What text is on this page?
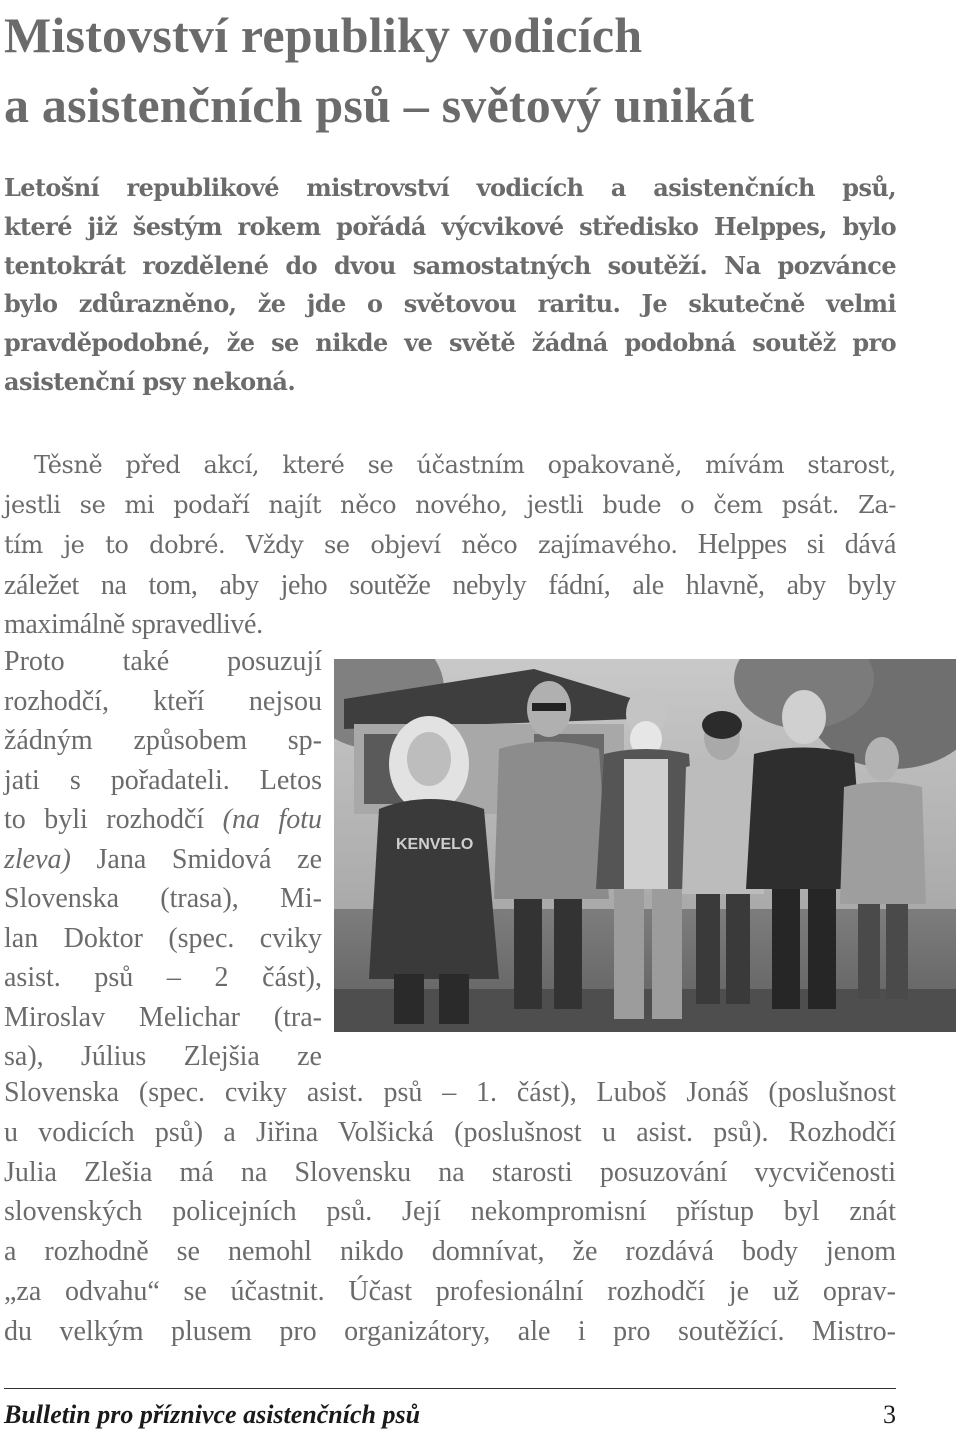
Mistovství republiky vodicích
a asistenčních psů – světový unikát

Letošní republikové mistrovství vodicích a asistenčních psů,
které již šestým rokem pořádá výcvikové středisko Helppes, bylo
tentokrát rozdělené do dvou samostatných soutěží. Na pozvánce
bylo zdůrazněno, že jde o světovou raritu. Je skutečně velmi
pravděpodobné, že se nikde ve světě žádná podobná soutěž pro
asistenční psy nekoná.

Těsně před akcí, které se účastním opakovaně, mívám starost,
jestli se mi podaří najít něco nového, jestli bude o čem psát. Za-
tím je to dobré. Vždy se objeví něco zajímavého. Helppes si dává
záležet na tom, aby jeho soutěže nebyly fádní, ale hlavně, aby byly
maximálně spravedlivé.
Proto také posuzují
rozhodčí, kteří nejsou
žádným způsobem sp-
jati s pořadateli. Letos
to byli rozhodčí (na fotu
zleva) Jana Smidová ze
Slovenska (trasa), Mi-
lan Doktor (spec. cviky
asist. psů – 2 část),
Miroslav Melichar (tra-
sa), Július Zlejšia ze
KENVELO
Slovenska (spec. cviky asist. psů – 1. část), Luboš Jonáš (poslušnost
u vodicích psů) a Jiřina Volšická (poslušnost u asist. psů). Rozhodčí
Julia Zlešia má na Slovensku na starosti posuzování vycvičenosti
slovenských policejních psů. Její nekompromisní přístup byl znát
a rozhodně se nemohl nikdo domnívat, že rozdává body jenom
„za odvahu“ se účastnit. Účast profesionální rozhodčí je už oprav-
du velkým plusem pro organizátory, ale i pro soutěžící. Mistro-
Bulletin pro příznivce asistenčních psů	3
